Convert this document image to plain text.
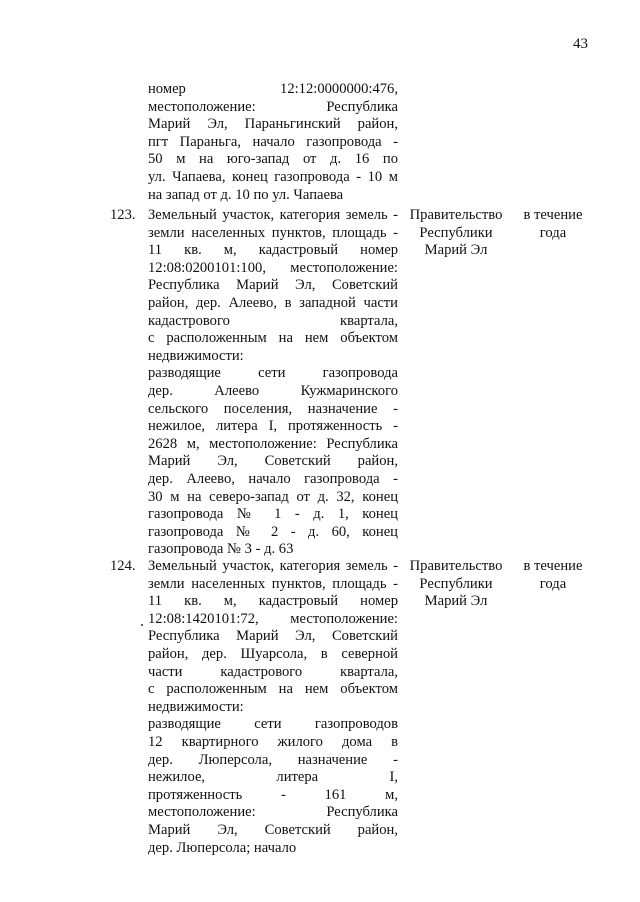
43
номер 12:12:0000000:476,
местоположение: Республика
Марий Эл, Параньгинский район,
пгт Параньга, начало газопровода -
50 м на юго-запад от д. 16 по
ул. Чапаева, конец газопровода - 10 м
на запад от д. 10 по ул. Чапаева
123. Земельный участок, категория земель -
земли населенных пунктов, площадь -
11 кв. м, кадастровый номер
12:08:0200101:100, местоположение:
Республика Марий Эл, Советский
район, дер. Алеево, в западной части
кадастрового квартала,
с расположенным на нем объектом
недвижимости:
разводящие сети газопровода
дер. Алеево Кужмаринского
сельского поселения, назначение -
нежилое, литера I, протяженность -
2628 м, местоположение: Республика
Марий Эл, Советский район,
дер. Алеево, начало газопровода -
30 м на северо-запад от д. 32, конец
газопровода № 1 - д. 1, конец
газопровода № 2 - д. 60, конец
газопровода № 3 - д. 63
Правительство
Республики
Марий Эл
в течение
года
124. Земельный участок, категория земель -
земли населенных пунктов, площадь -
11 кв. м, кадастровый номер
12:08:1420101:72, местоположение:
Республика Марий Эл, Советский
район, дер. Шуарсола, в северной
части кадастрового квартала,
с расположенным на нем объектом
недвижимости:
разводящие сети газопроводов
12 квартирного жилого дома в
дер. Люперсола, назначение -
нежилое, литера I,
протяженность - 161 м,
местоположение: Республика
Марий Эл, Советский район,
дер. Люперсола; начало
Правительство
Республики
Марий Эл
в течение
года
